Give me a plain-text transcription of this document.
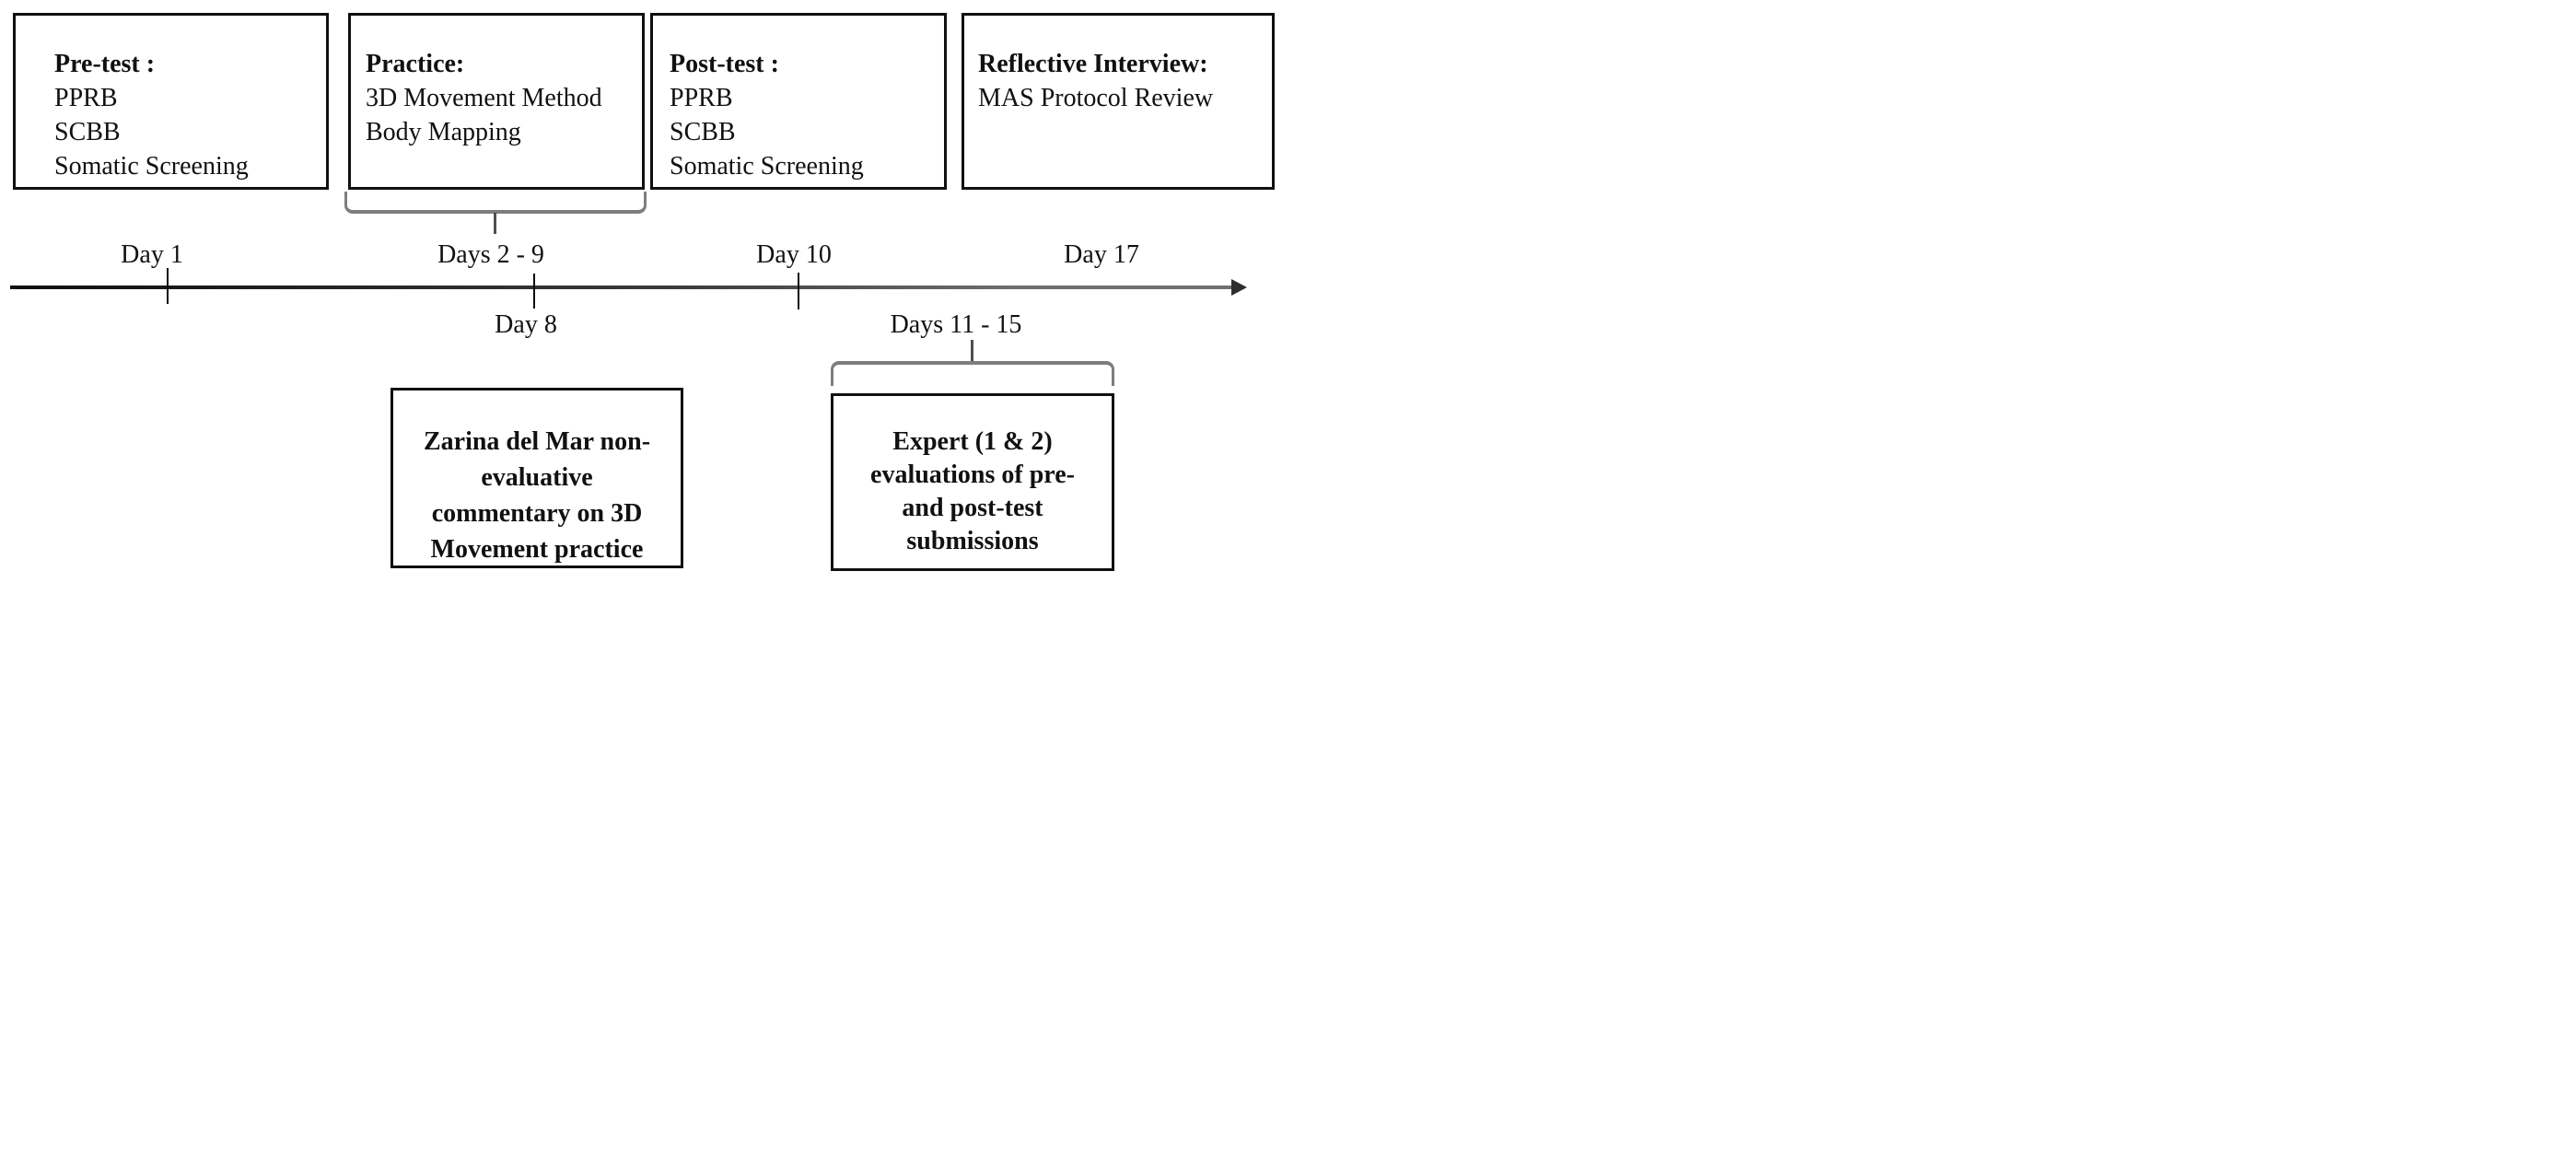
Pre-test :
PPRB
SCBB
Somatic Screening
Practice:
3D Movement Method
Body Mapping
Post-test :
PPRB
SCBB
Somatic Screening
Reflective Interview:
MAS Protocol Review
Day 1	Days 2 - 9	Day 10	Day 17
Day 8	Days 11 - 15
Zarina del Mar non-
evaluative
commentary on 3D
Movement practice
Expert (1 & 2)
evaluations of pre-
and post-test
submissions
